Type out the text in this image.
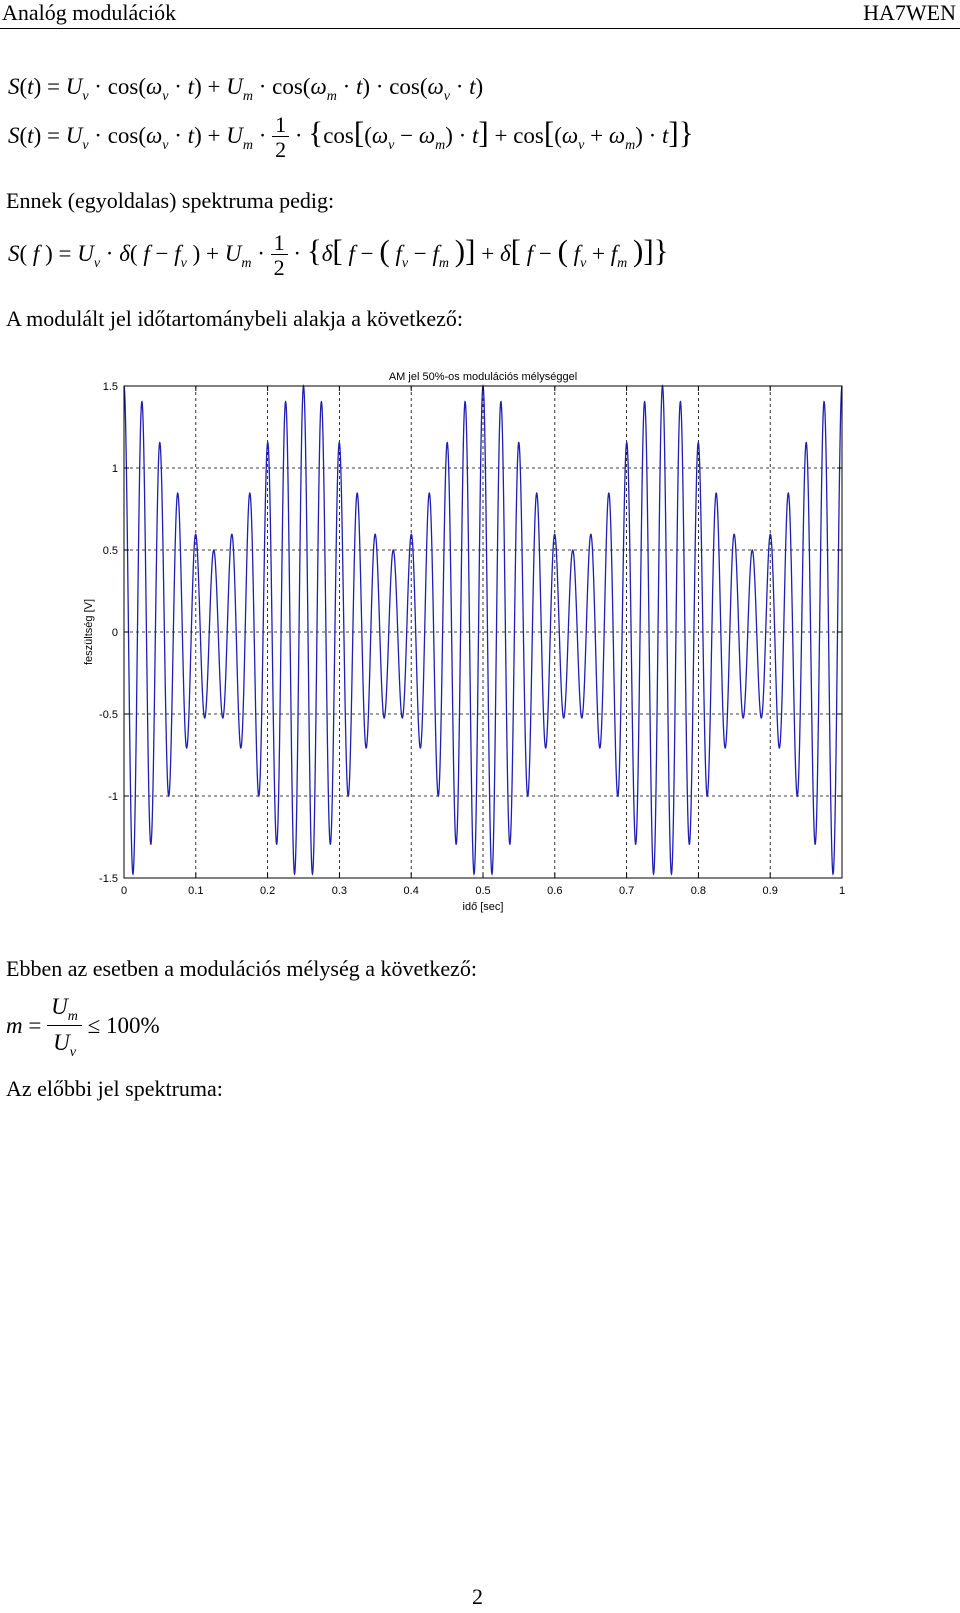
Analóg modulációk	HA7WEN
$S(t) = U_v \cdot \cos(\omega_v \cdot t) + U_m \cdot \cos(\omega_m \cdot t) \cdot \cos(\omega_v \cdot t)$
$S(t) = U_v \cdot \cos(\omega_v \cdot t) + U_m \cdot \frac{1}{2} \cdot \{\cos[(\omega_v - \omega_m) \cdot t] + \cos[(\omega_v + \omega_m) \cdot t]\}$
Ennek (egyoldalas) spektruma pedig:
S( f ) = $U_v \cdot \delta$( $f - f_v$ ) + $U_m \cdot \frac{1}{2} \cdot \{\delta$[ f − ( $f_v - f_m$ )] + δ[ f − ( $f_v + f_m$ )]}
A modulált jel időtartománybeli alakja a következő:
0	0.1	0.2	0.3	0.4	0.5	0.6	0.7	0.8	0.9	1
1.5
1
0.5
0
-0.5
-1
-1.5
AM jel 50%-os modulációs mélységgel
idő [sec]
feszültség [V]
Ebben az esetben a modulációs mélység a következő:
$m = \frac{U_m}{U_v} \le 100\%$
Az előbbi jel spektruma:
2
